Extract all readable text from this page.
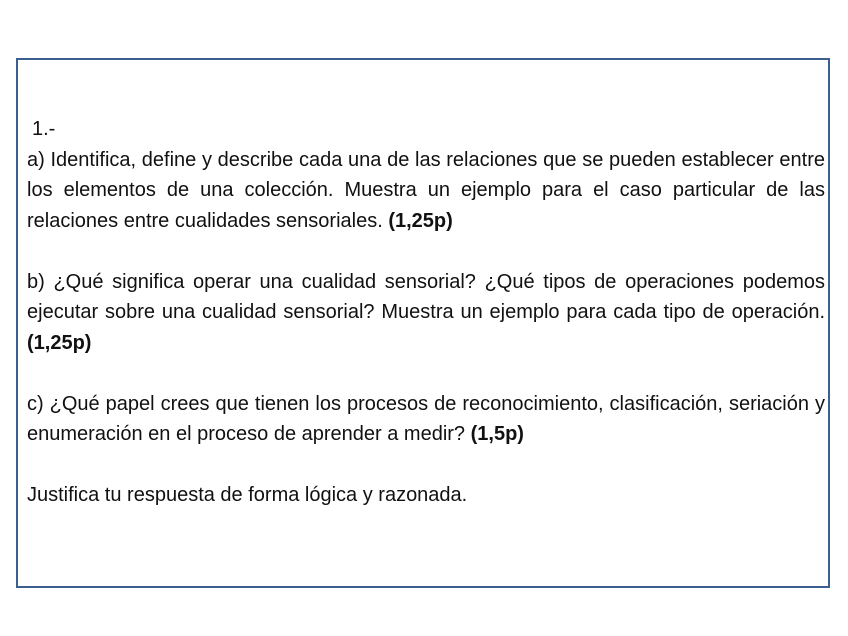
1.-

a) Identifica, define y describe cada una de las relaciones que se pueden establecer entre los elementos de una colección. Muestra un ejemplo para el caso particular de las relaciones entre cualidades sensoriales. (1,25p)

b) ¿Qué significa operar una cualidad sensorial? ¿Qué tipos de operaciones podemos ejecutar sobre una cualidad sensorial? Muestra un ejemplo para cada tipo de operación. (1,25p)

c) ¿Qué papel crees que tienen los procesos de reconocimiento, clasificación, seriación y enumeración en el proceso de aprender a medir? (1,5p)

Justifica tu respuesta de forma lógica y razonada.
